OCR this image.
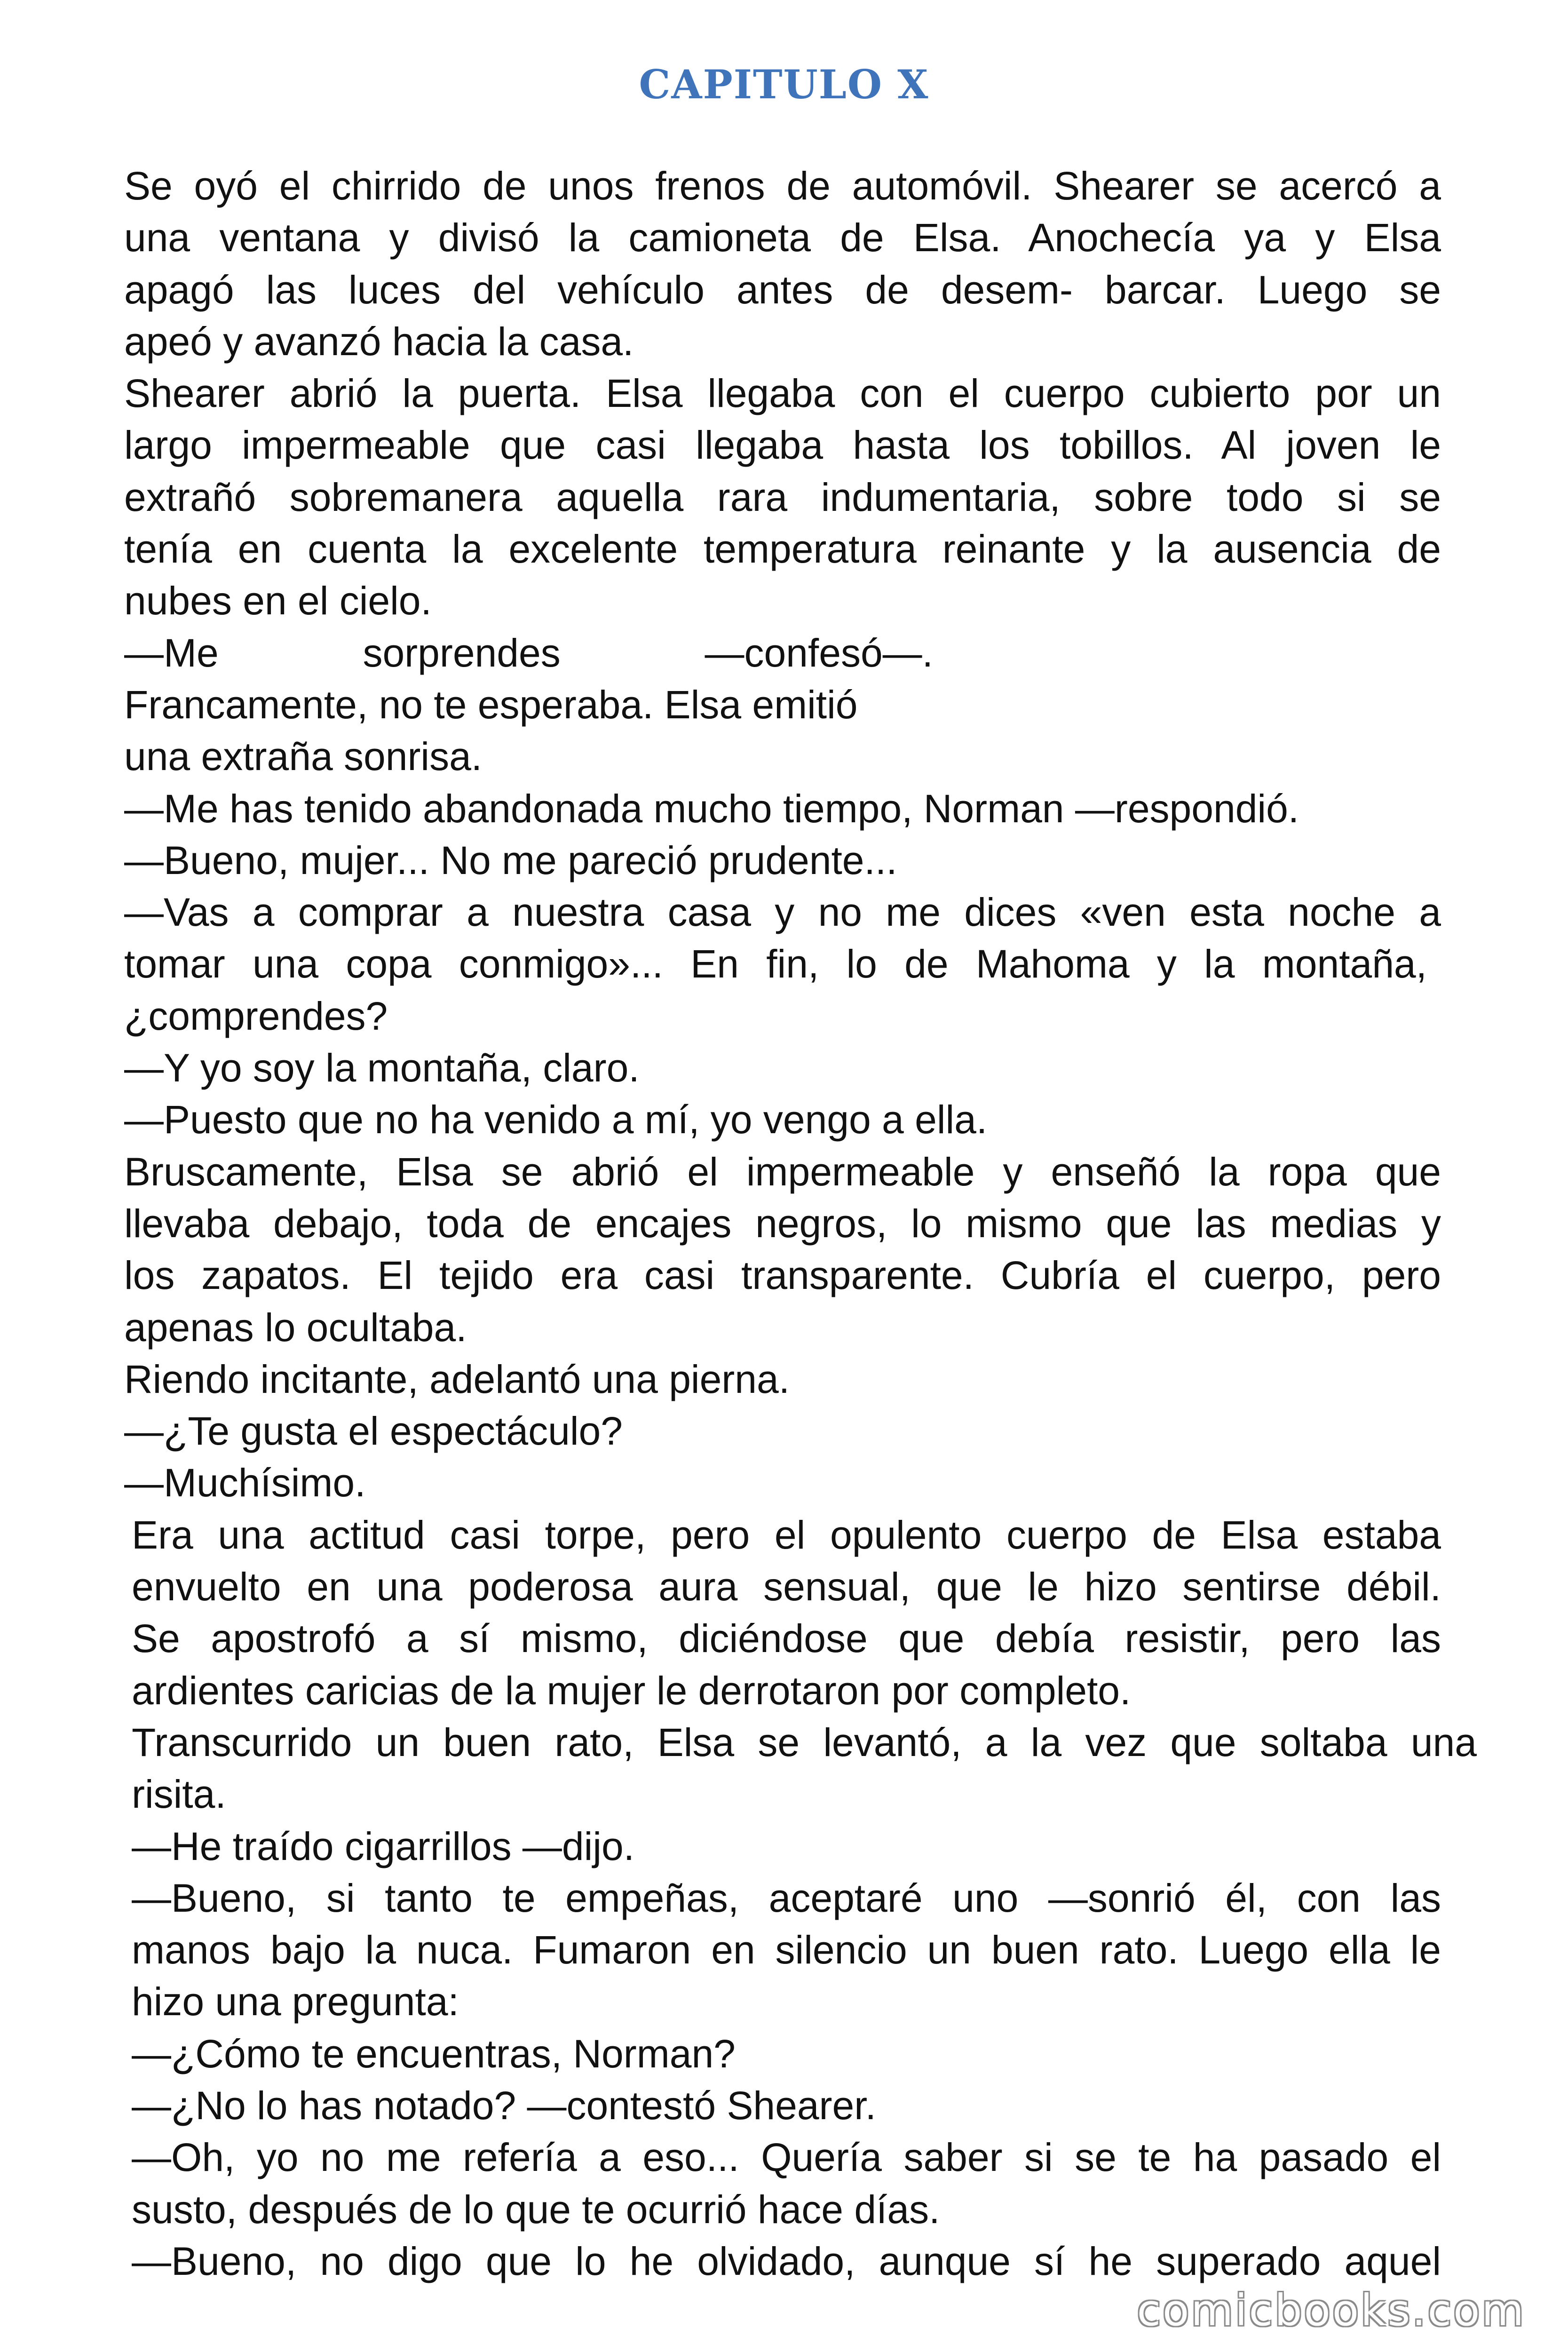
CAPITULO X
Se oyó el chirrido de unos frenos de automóvil. Shearer se acercó a
una ventana y divisó la camioneta de Elsa. Anochecía ya y Elsa
apagó las luces del vehículo antes de desem- barcar. Luego se
apeó y avanzó hacia la casa.
Shearer abrió la puerta. Elsa llegaba con el cuerpo cubierto por un
largo impermeable que casi llegaba hasta los tobillos. Al joven le
extrañó sobremanera aquella rara indumentaria, sobre todo si se
tenía en cuenta la excelente temperatura reinante y la ausencia de
nubes en el cielo.
—Me sorprendes —confesó—.
Francamente, no te esperaba. Elsa emitió
una extraña sonrisa.
—Me has tenido abandonada mucho tiempo, Norman —respondió.
—Bueno, mujer... No me pareció prudente...
—Vas a comprar a nuestra casa y no me dices «ven esta noche a
tomar una copa conmigo»... En fin, lo de Mahoma y la montaña,
¿comprendes?
—Y yo soy la montaña, claro.
—Puesto que no ha venido a mí, yo vengo a ella.
Bruscamente, Elsa se abrió el impermeable y enseñó la ropa que
llevaba debajo, toda de encajes negros, lo mismo que las medias y
los zapatos. El tejido era casi transparente. Cubría el cuerpo, pero
apenas lo ocultaba.
Riendo incitante, adelantó una pierna.
—¿Te gusta el espectáculo?
—Muchísimo.
Era una actitud casi torpe, pero el opulento cuerpo de Elsa estaba
envuelto en una poderosa aura sensual, que le hizo sentirse débil.
Se apostrofó a sí mismo, diciéndose que debía resistir, pero las
ardientes caricias de la mujer le derrotaron por completo.
Transcurrido un buen rato, Elsa se levantó, a la vez que soltaba una
risita.
—He traído cigarrillos —dijo.
—Bueno, si tanto te empeñas, aceptaré uno —sonrió él, con las
manos bajo la nuca. Fumaron en silencio un buen rato. Luego ella le
hizo una pregunta:
—¿Cómo te encuentras, Norman?
—¿No lo has notado? —contestó Shearer.
—Oh, yo no me refería a eso... Quería saber si se te ha pasado el
susto, después de lo que te ocurrió hace días.
—Bueno, no digo que lo he olvidado, aunque sí he superado aquel
comicbooks.com
